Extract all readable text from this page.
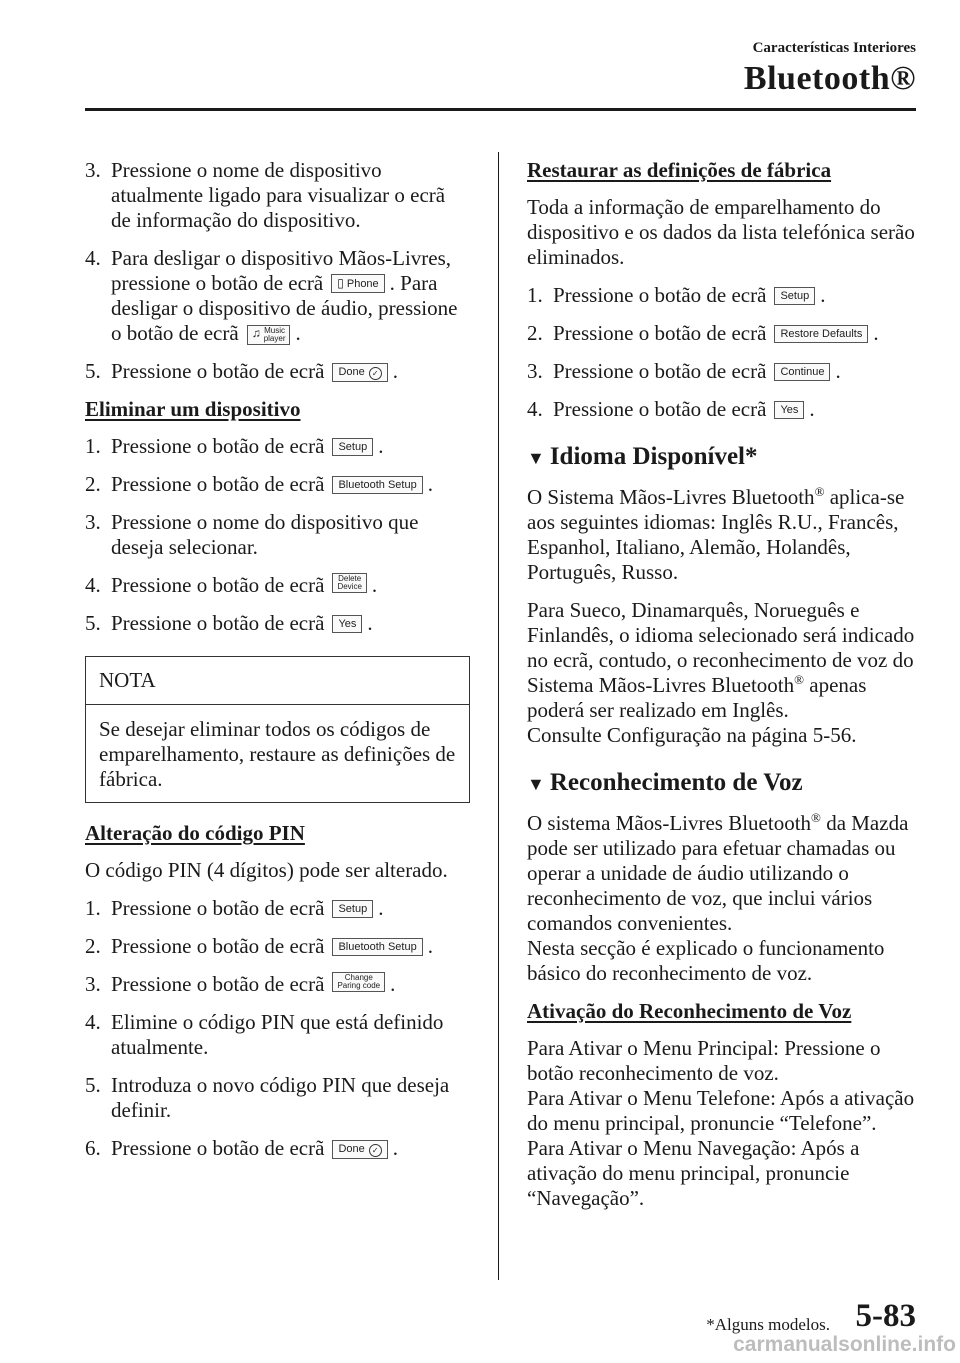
Características Interiores
Bluetooth®
3. Pressione o nome de dispositivo atualmente ligado para visualizar o ecrã de informação do dispositivo.
4. Para desligar o dispositivo Mãos-Livres, pressione o botão de ecrã ▯ Phone . Para desligar o dispositivo de áudio, pressione o botão de ecrã ♫ Music
player .
5. Pressione o botão de ecrã Done ✓ .
Eliminar um dispositivo
1. Pressione o botão de ecrã Setup .
2. Pressione o botão de ecrã Bluetooth Setup .
3. Pressione o nome do dispositivo que deseja selecionar.
4. Pressione o botão de ecrã Delete
Device .
5. Pressione o botão de ecrã Yes .
NOTA
Se desejar eliminar todos os códigos de emparelhamento, restaure as definições de fábrica.
Alteração do código PIN
O código PIN (4 dígitos) pode ser alterado.
1. Pressione o botão de ecrã Setup .
2. Pressione o botão de ecrã Bluetooth Setup .
3. Pressione o botão de ecrã	Change
Paring code .
4. Elimine o código PIN que está definido atualmente.
5. Introduza o novo código PIN que deseja definir.
6. Pressione o botão de ecrã Done ✓ .
Restaurar as definições de fábrica
Toda a informação de emparelhamento do dispositivo e os dados da lista telefónica serão eliminados.
1. Pressione o botão de ecrã Setup .
2. Pressione o botão de ecrã Restore Defaults .
3. Pressione o botão de ecrã Continue .
4. Pressione o botão de ecrã Yes .
▼ Idioma Disponível*
O Sistema Mãos-Livres Bluetooth® aplica-se aos seguintes idiomas: Inglês R.U., Francês, Espanhol, Italiano, Alemão, Holandês, Português, Russo.
Para Sueco, Dinamarquês, Norueguês e Finlandês, o idioma selecionado será indicado no ecrã, contudo, o reconhecimento de voz do Sistema Mãos-Livres Bluetooth® apenas poderá ser realizado em Inglês.
Consulte Configuração na página 5-56.
▼ Reconhecimento de Voz
O sistema Mãos-Livres Bluetooth® da Mazda pode ser utilizado para efetuar chamadas ou operar a unidade de áudio utilizando o reconhecimento de voz, que inclui vários comandos convenientes.
Nesta secção é explicado o funcionamento básico do reconhecimento de voz.
Ativação do Reconhecimento de Voz
Para Ativar o Menu Principal: Pressione o botão reconhecimento de voz.
Para Ativar o Menu Telefone: Após a ativação do menu principal, pronuncie “Telefone”.
Para Ativar o Menu Navegação: Após a ativação do menu principal, pronuncie “Navegação”.
*Alguns modelos. 5-83
carmanualsonline.info
